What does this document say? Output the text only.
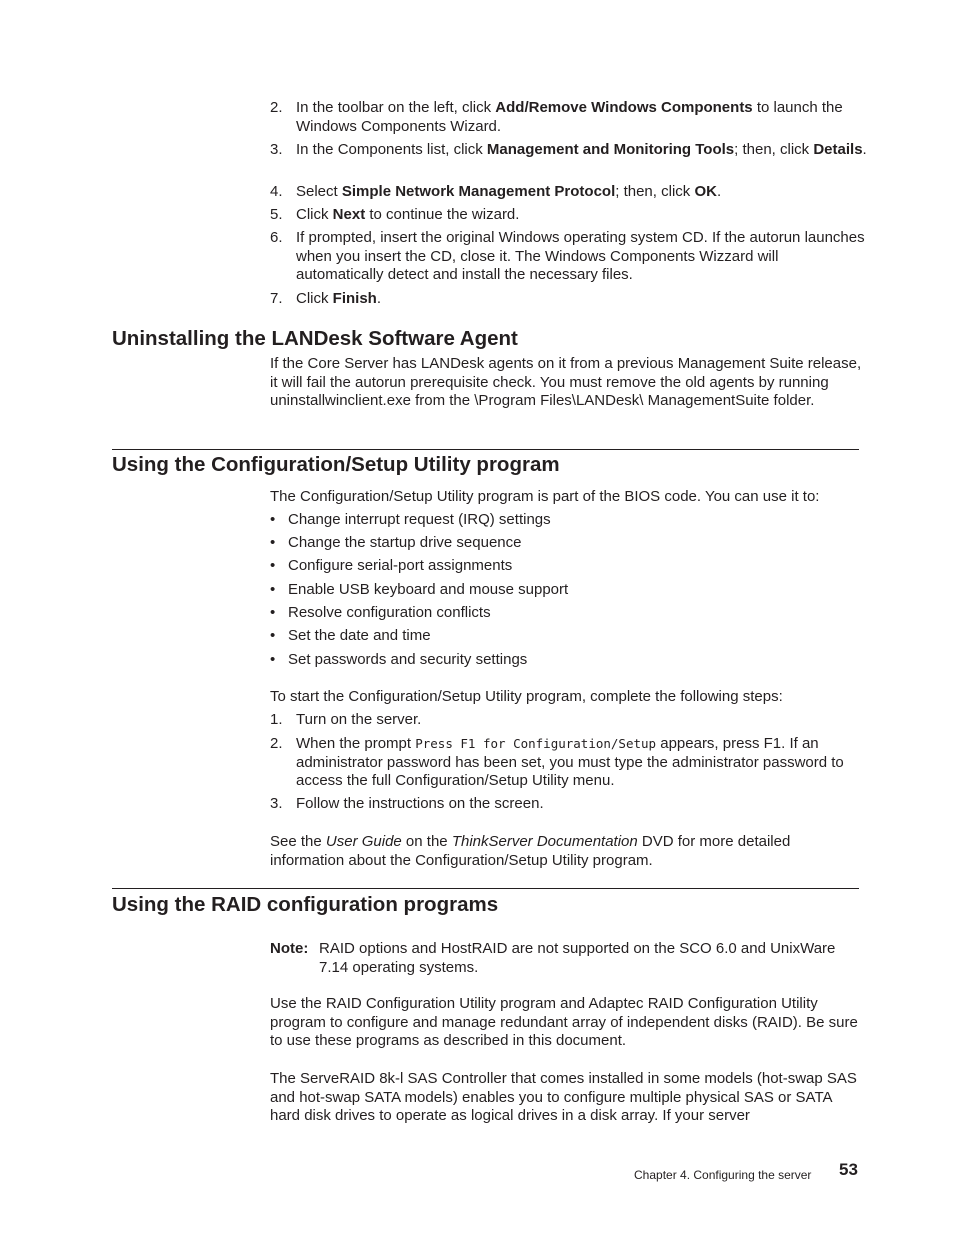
2. In the toolbar on the left, click Add/Remove Windows Components to launch the Windows Components Wizard.
3. In the Components list, click Management and Monitoring Tools; then, click Details.
4. Select Simple Network Management Protocol; then, click OK.
5. Click Next to continue the wizard.
6. If prompted, insert the original Windows operating system CD. If the autorun launches when you insert the CD, close it. The Windows Components Wizzard will automatically detect and install the necessary files.
7. Click Finish.
Uninstalling the LANDesk Software Agent
If the Core Server has LANDesk agents on it from a previous Management Suite release, it will fail the autorun prerequisite check. You must remove the old agents by running uninstallwinclient.exe from the \Program Files\LANDesk\ ManagementSuite folder.
Using the Configuration/Setup Utility program
The Configuration/Setup Utility program is part of the BIOS code. You can use it to:
• Change interrupt request (IRQ) settings
• Change the startup drive sequence
• Configure serial-port assignments
• Enable USB keyboard and mouse support
• Resolve configuration conflicts
• Set the date and time
• Set passwords and security settings
To start the Configuration/Setup Utility program, complete the following steps:
1. Turn on the server.
2. When the prompt Press F1 for Configuration/Setup appears, press F1. If an administrator password has been set, you must type the administrator password to access the full Configuration/Setup Utility menu.
3. Follow the instructions on the screen.
See the User Guide on the ThinkServer Documentation DVD for more detailed information about the Configuration/Setup Utility program.
Using the RAID configuration programs
Note: RAID options and HostRAID are not supported on the SCO 6.0 and UnixWare 7.14 operating systems.
Use the RAID Configuration Utility program and Adaptec RAID Configuration Utility program to configure and manage redundant array of independent disks (RAID). Be sure to use these programs as described in this document.
The ServeRAID 8k-l SAS Controller that comes installed in some models (hot-swap SAS and hot-swap SATA models) enables you to configure multiple physical SAS or SATA hard disk drives to operate as logical drives in a disk array. If your server
Chapter 4. Configuring the server 53
